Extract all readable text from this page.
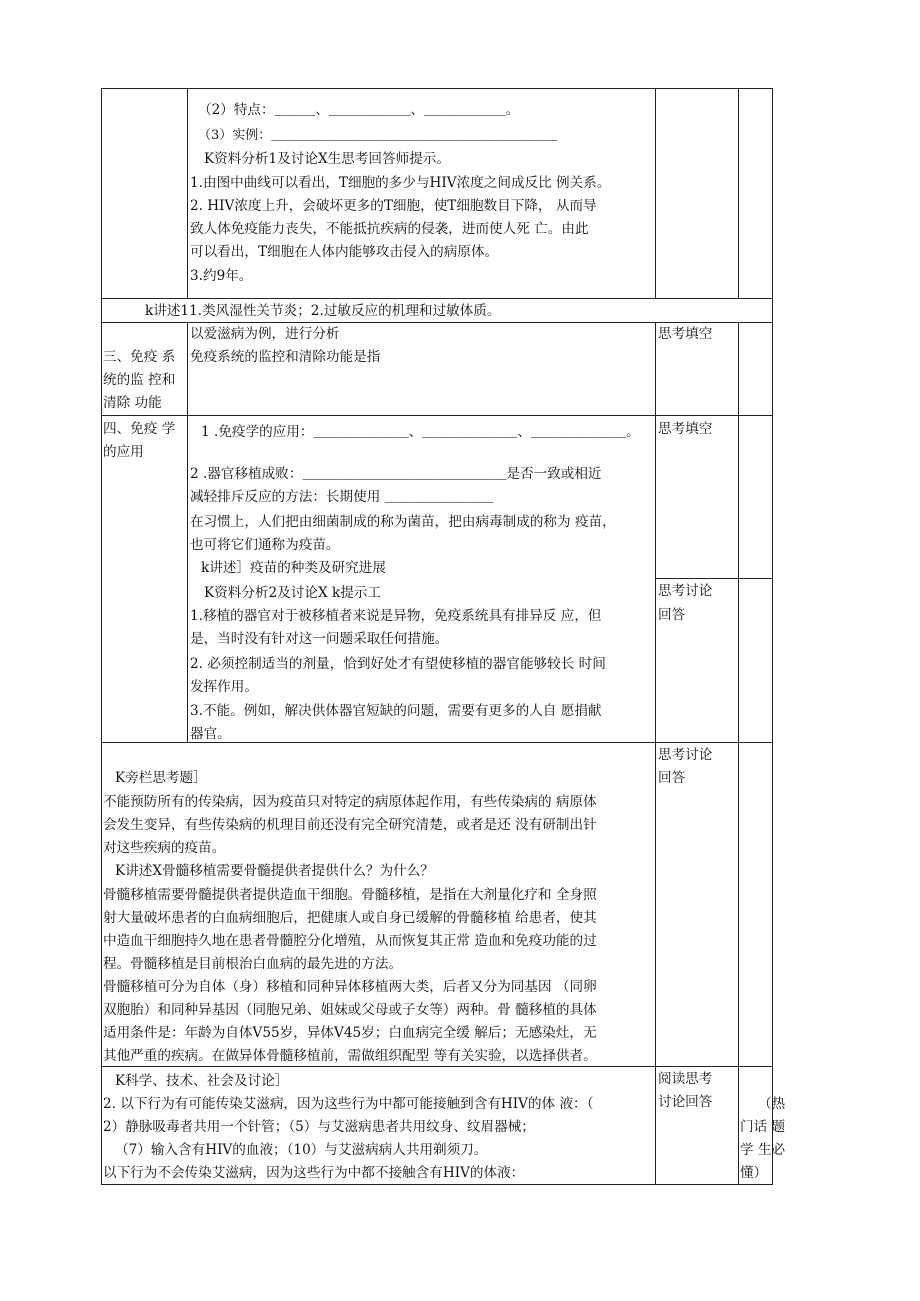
（2）特点：＿＿＿、＿＿＿＿＿＿、＿＿＿＿＿＿。
（3）实例：＿＿＿＿＿＿＿＿＿＿＿＿＿＿＿＿＿＿＿＿＿＿
K资料分析1及讨论X生思考回答师提示。
1.由图中曲线可以看出，T细胞的多少与HIV浓度之间成反比 例关系。
2. HIV浓度上升，会破坏更多的T细胞，使T细胞数目下降， 从而导
致人体免疫能力丧失，不能抵抗疾病的侵袭，进而使人死 亡。由此
可以看出，T细胞在人体内能够攻击侵入的病原体。
3.约9年。
k讲述11.类风湿性关节炎；2.过敏反应的机理和过敏体质。
三、免疫 系
统的监 控和
清除 功能
以爱滋病为例，进行分析
免疫系统的监控和清除功能是指
思考填空
四、免疫 学
的应用
1 .免疫学的应用：＿＿＿＿＿＿＿、＿＿＿＿＿＿＿、＿＿＿＿＿＿＿。
2 .器官移植成败：＿＿＿＿＿＿＿＿＿＿＿＿＿＿＿是否一致或相近
减轻排斥反应的方法：长期使用 ＿＿＿＿＿＿＿＿
在习惯上，人们把由细菌制成的称为菌苗，把由病毒制成的称为 疫苗，
也可将它们通称为疫苗。
k讲述］疫苗的种类及研究进展
思考填空
K资料分析2及讨论X k提示工
1.移植的器官对于被移植者来说是异物，免疫系统具有排异反 应，但
是，当时没有针对这一问题采取任何措施。
2. 必须控制适当的剂量，恰到好处才有望使移植的器官能够较长 时间
发挥作用。
3.不能。例如，解决供体器官短缺的问题，需要有更多的人自 愿捐献
器官。
思考讨论
回答
K旁栏思考题］
不能预防所有的传染病，因为疫苗只对特定的病原体起作用，有些传染病的 病原体
会发生变异，有些传染病的机理目前还没有完全研究清楚，或者是还 没有研制出针
对这些疾病的疫苗。
K讲述X骨髓移植需要骨髓提供者提供什么？为什么？
骨髓移植需要骨髓提供者提供造血干细胞。骨髓移植，是指在大剂量化疗和 全身照
射大量破坏患者的白血病细胞后，把健康人或自身已缓解的骨髓移植 给患者，使其
中造血干细胞持久地在患者骨髓腔分化增殖，从而恢复其正常 造血和免疫功能的过
程。骨髓移植是目前根治白血病的最先进的方法。
骨髓移植可分为自体（身）移植和同种异体移植两大类，后者又分为同基因 （同卵
双胞胎）和同种异基因（同胞兄弟、姐妹或父母或子女等）两种。骨 髓移植的具体
适用条件是：年龄为自体V55岁，异体V45岁；白血病完全缓 解后；无感染灶，无
其他严重的疾病。在做异体骨髓移植前，需做组织配型 等有关实验，以选择供者。
思考讨论
回答
K科学、技术、社会及讨论］
2. 以下行为有可能传染艾滋病，因为这些行为中都可能接触到含有HIV的体 液：（
2）静脉吸毒者共用一个针管；（5）与艾滋病患者共用纹身、纹眉器械；
（7）输入含有HIV的血液；（10）与艾滋病病人共用剃须刀。
以下行为不会传染艾滋病，因为这些行为中都不接触含有HIV的体液：
阅读思考
讨论回答	（热
门话 题
学 生必
懂）
